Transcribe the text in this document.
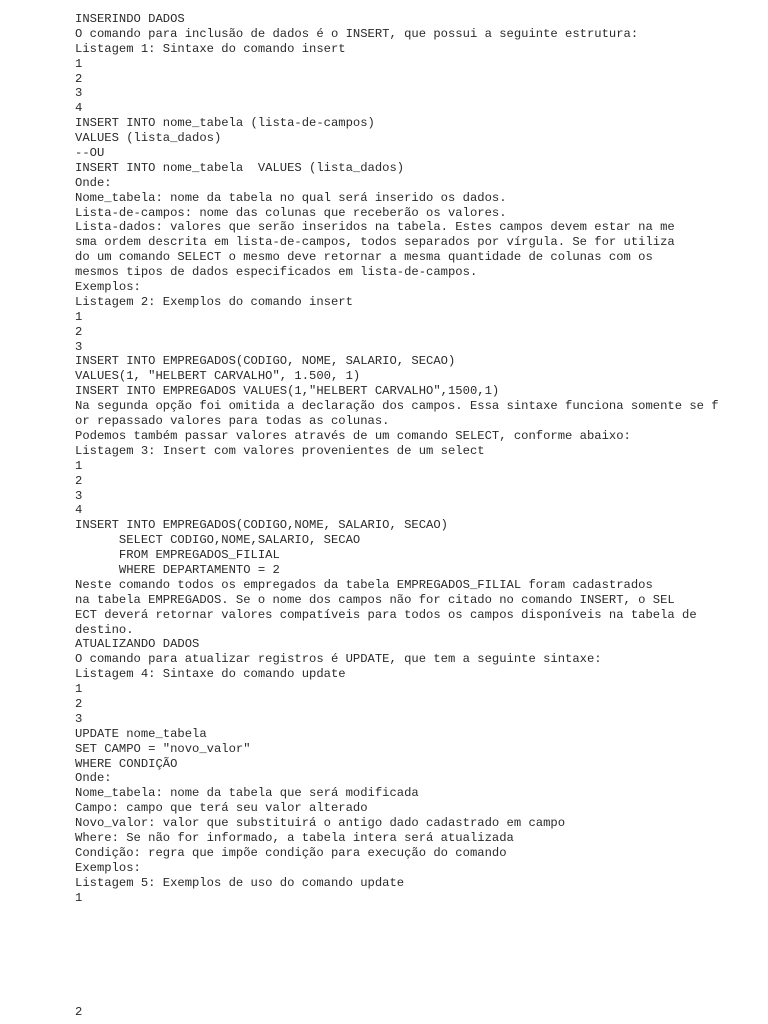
INSERINDO DADOS
O comando para inclusão de dados é o INSERT, que possui a seguinte estrutura:
Listagem 1: Sintaxe do comando insert
1
2
3
4
INSERT INTO nome_tabela (lista-de-campos)
VALUES (lista_dados)
--OU
INSERT INTO nome_tabela  VALUES (lista_dados)
Onde:
Nome_tabela: nome da tabela no qual será inserido os dados.
Lista-de-campos: nome das colunas que receberão os valores.
Lista-dados: valores que serão inseridos na tabela. Estes campos devem estar na me
sma ordem descrita em lista-de-campos, todos separados por vírgula. Se for utiliza
do um comando SELECT o mesmo deve retornar a mesma quantidade de colunas com os
mesmos tipos de dados especificados em lista-de-campos.
Exemplos:
Listagem 2: Exemplos do comando insert
1
2
3
INSERT INTO EMPREGADOS(CODIGO, NOME, SALARIO, SECAO)
VALUES(1, "HELBERT CARVALHO", 1.500, 1)
INSERT INTO EMPREGADOS VALUES(1,"HELBERT CARVALHO",1500,1)
Na segunda opção foi omitida a declaração dos campos. Essa sintaxe funciona somente se f
or repassado valores para todas as colunas.
Podemos também passar valores através de um comando SELECT, conforme abaixo:
Listagem 3: Insert com valores provenientes de um select
1
2
3
4
INSERT INTO EMPREGADOS(CODIGO,NOME, SALARIO, SECAO)
SELECT CODIGO,NOME,SALARIO, SECAO
FROM EMPREGADOS_FILIAL
WHERE DEPARTAMENTO = 2
Neste comando todos os empregados da tabela EMPREGADOS_FILIAL foram cadastrados
na tabela EMPREGADOS. Se o nome dos campos não for citado no comando INSERT, o SEL
ECT deverá retornar valores compatíveis para todos os campos disponíveis na tabela de
destino.
ATUALIZANDO DADOS
O comando para atualizar registros é UPDATE, que tem a seguinte sintaxe:
Listagem 4: Sintaxe do comando update
1
2
3
UPDATE nome_tabela
SET CAMPO = "novo_valor"
WHERE CONDIÇÃO
Onde:
Nome_tabela: nome da tabela que será modificada
Campo: campo que terá seu valor alterado
Novo_valor: valor que substituirá o antigo dado cadastrado em campo
Where: Se não for informado, a tabela intera será atualizada
Condição: regra que impõe condição para execução do comando
Exemplos:
Listagem 5: Exemplos de uso do comando update
1
2
